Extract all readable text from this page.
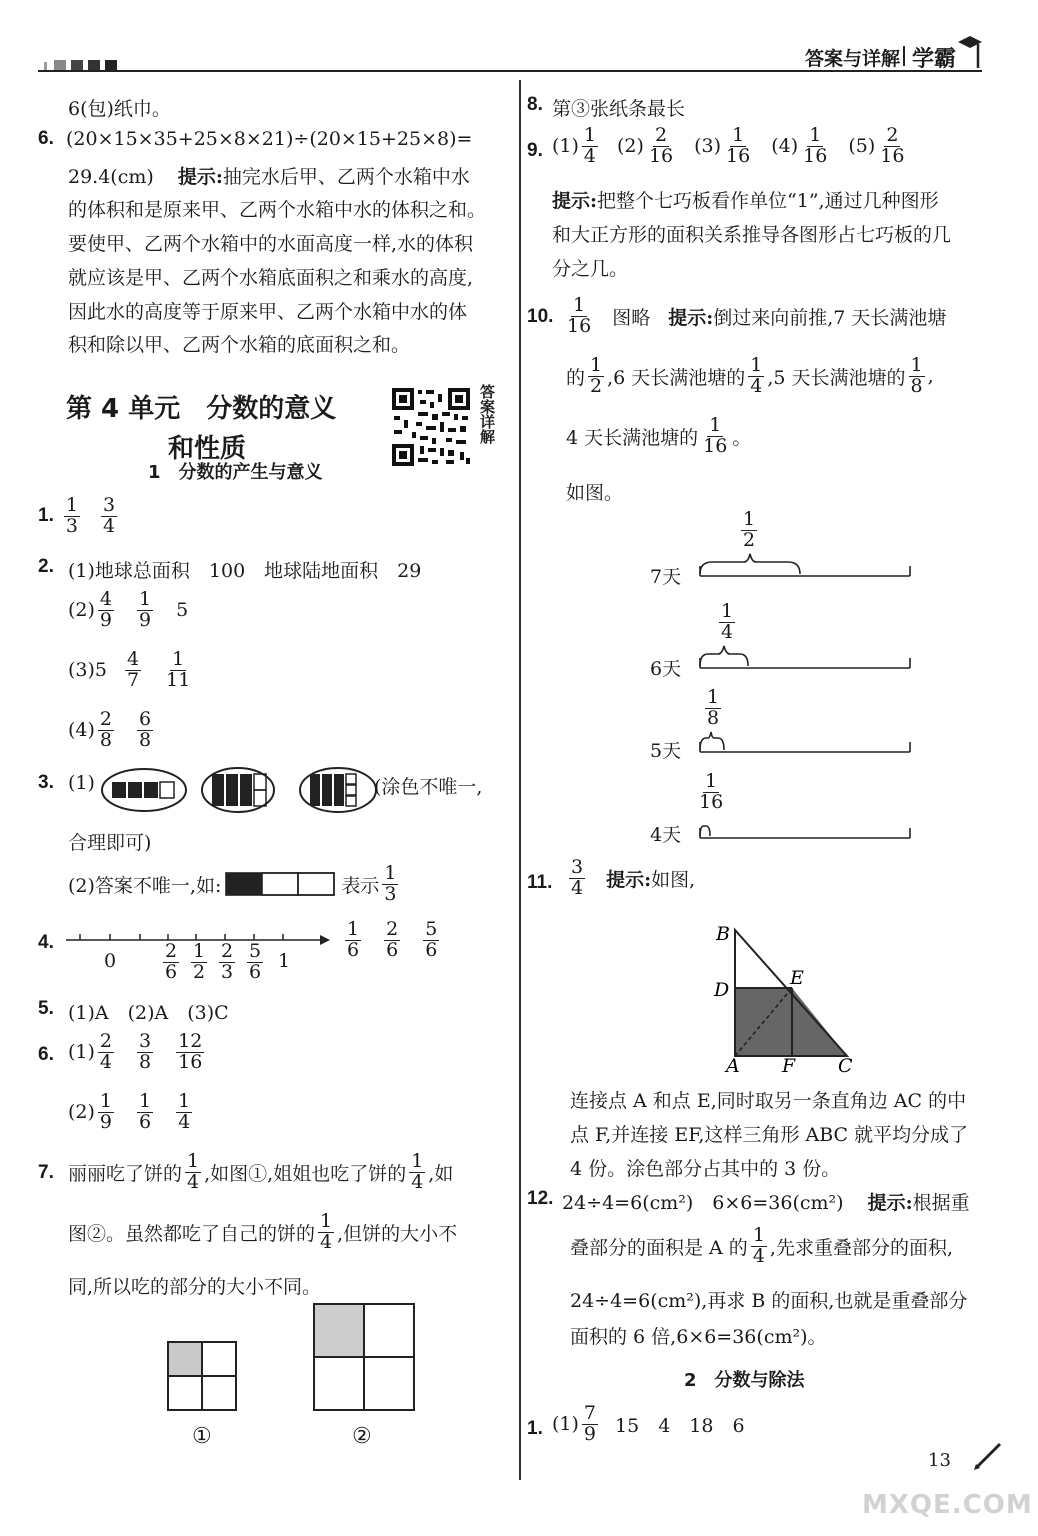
答案与详解 学霸
6(包)纸巾。
6. (20×15×35+25×8×21)÷(20×15+25×8)=
29.4(cm) 提示:抽完水后甲、乙两个水箱中水
的体积和是原来甲、乙两个水箱中水的体积之和。
要使甲、乙两个水箱中的水面高度一样,水的体积
就应该是甲、乙两个水箱底面积之和乘水的高度,
因此水的高度等于原来甲、乙两个水箱中水的体
积和除以甲、乙两个水箱的底面积之和。
第 4 单元　分数的意义
和性质
答案详解
1　分数的产生与意义
1. $\frac{1}{3} \frac{3}{4}$
2. (1)地球总面积　100　地球陆地面积　29
$(2) \frac{4}{9} \frac{1}{9} 5$
$(3)5 \frac{4}{7} \frac{1}{11}$
$(4) \frac{2}{8} \frac{6}{8}$
3. (1)	(涂色不唯一,
合理即可)
(2)答案不唯一,如:	表示 $\frac{1}{3}$
4.
$0 \frac{2}{6} \frac{1}{2} \frac{2}{3} \frac{5}{6} 1$
$\frac{1}{6} \frac{2}{6} \frac{5}{6}$
5. (1)A　(2)A　(3)C
6. $(1) \frac{2}{4} \frac{3}{8} \frac{12}{16}$
$(2) \frac{1}{9} \frac{1}{6} \frac{1}{4}$
7. 丽丽吃了饼的 $\frac{1}{4}$ ,如图①,姐姐也吃了饼的 $\frac{1}{4}$ ,如
图②。虽然都吃了自己的饼的 $\frac{1}{4}$ ,但饼的大小不
同,所以吃的部分的大小不同。
①	②
8. 第③张纸条最长
9. $(1) \frac{1}{4} (2) \frac{2}{16} (3) \frac{1}{16} (4) \frac{1}{16} (5) \frac{2}{16}$
提示:把整个七巧板看作单位“1”,通过几种图形
和大正方形的面积关系推导各图形占七巧板的几
分之几。
10. $\frac{1}{16}$ 图略 提示: 倒过来向前推,7 天长满池塘
的 $\frac{1}{2} ,6$ 天长满池塘的 $\frac{1}{4} ,5$ 天长满池塘的 $\frac{1}{8}$ ,
4 天长满池塘的 $\frac{1}{16}$ 。
如图。
$\frac{1}{2}$
7天
$\frac{1}{4}$
6天
$\frac{1}{8}$
5天
$\frac{1}{16}$
4天
11. $\frac{3}{4}$ 提示: 如图,
B
D
E
A F C
连接点 A 和点 E,同时取另一条直角边 AC 的中
点 F,并连接 EF,这样三角形 ABC 就平均分成了
4 份。涂色部分占其中的 3 份。
12. 24÷4=6(cm²)　6×6=36(cm²) 提示:根据重
叠部分的面积是 A 的 $\frac{1}{4}$ ,先求重叠部分的面积,
24÷4=6(cm²),再求 B 的面积,也就是重叠部分
面积的 6 倍,6×6=36(cm²)。
2　分数与除法
1. $(1) \frac{7}{9} 15$　4　18　6
13
MXQE.COM
